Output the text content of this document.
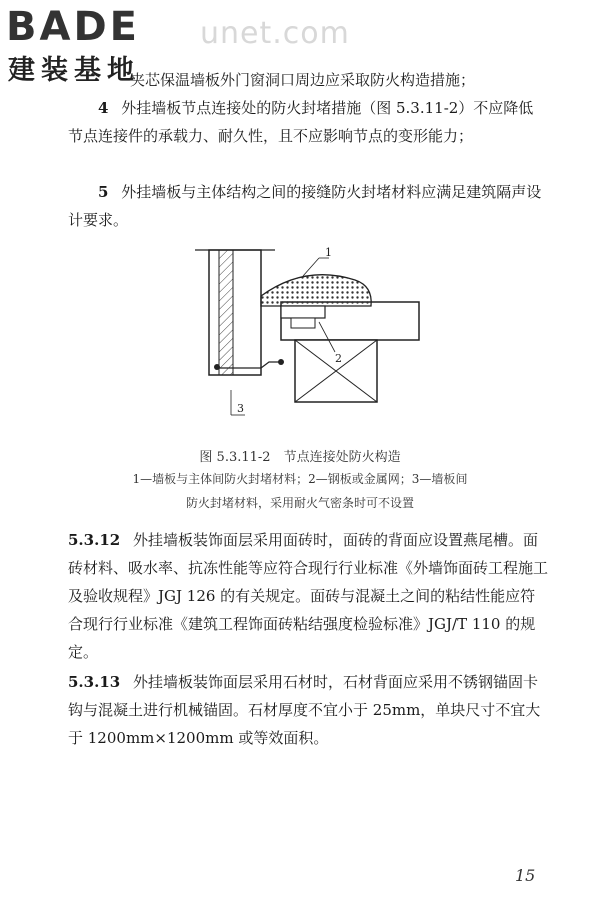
BADE
建装基地
unet.com
夹芯保温墙板外门窗洞口周边应采取防火构造措施；

4 外挂墙板节点连接处的防火封堵措施（图 5.3.11-2）不应降低节点连接件的承载力、耐久性，且不应影响节点的变形能力；

5 外挂墙板与主体结构之间的接缝防火封堵材料应满足建筑隔声设计要求。

1
2
3
图 5.3.11-2　节点连接处防火构造
1—墙板与主体间防火封堵材料；2—钢板或金属网；3—墙板间
防火封堵材料，采用耐火气密条时可不设置

5.3.12 外挂墙板装饰面层采用面砖时，面砖的背面应设置燕尾槽。面砖材料、吸水率、抗冻性能等应符合现行行业标准《外墙饰面砖工程施工及验收规程》JGJ 126 的有关规定。面砖与混凝土之间的粘结性能应符合现行行业标准《建筑工程饰面砖粘结强度检验标准》JGJ/T 110 的规定。

5.3.13 外挂墙板装饰面层采用石材时，石材背面应采用不锈钢锚固卡钩与混凝土进行机械锚固。石材厚度不宜小于 25mm，单块尺寸不宜大于 1200mm×1200mm 或等效面积。

15
